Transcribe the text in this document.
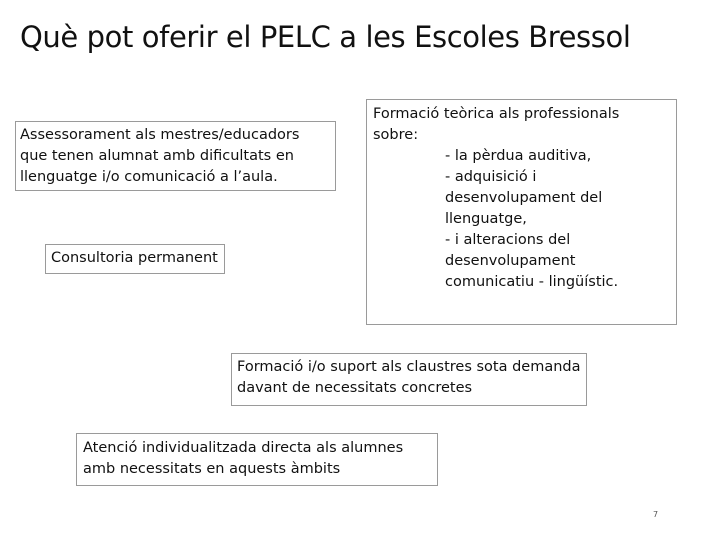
Què pot oferir el PELC a les Escoles Bressol
Assessorament als mestres/educadors
que tenen alumnat amb dificultats en
llenguatge i/o comunicació a l’aula.
Consultoria permanent
Formació teòrica als professionals
sobre:
- la pèrdua auditiva,
- adquisició i
desenvolupament del
llenguatge,
- i alteracions del
desenvolupament
comunicatiu - lingüístic.
Formació i/o suport als claustres sota demanda
davant de necessitats concretes
Atenció individualitzada directa als alumnes
amb necessitats en aquests àmbits
7
